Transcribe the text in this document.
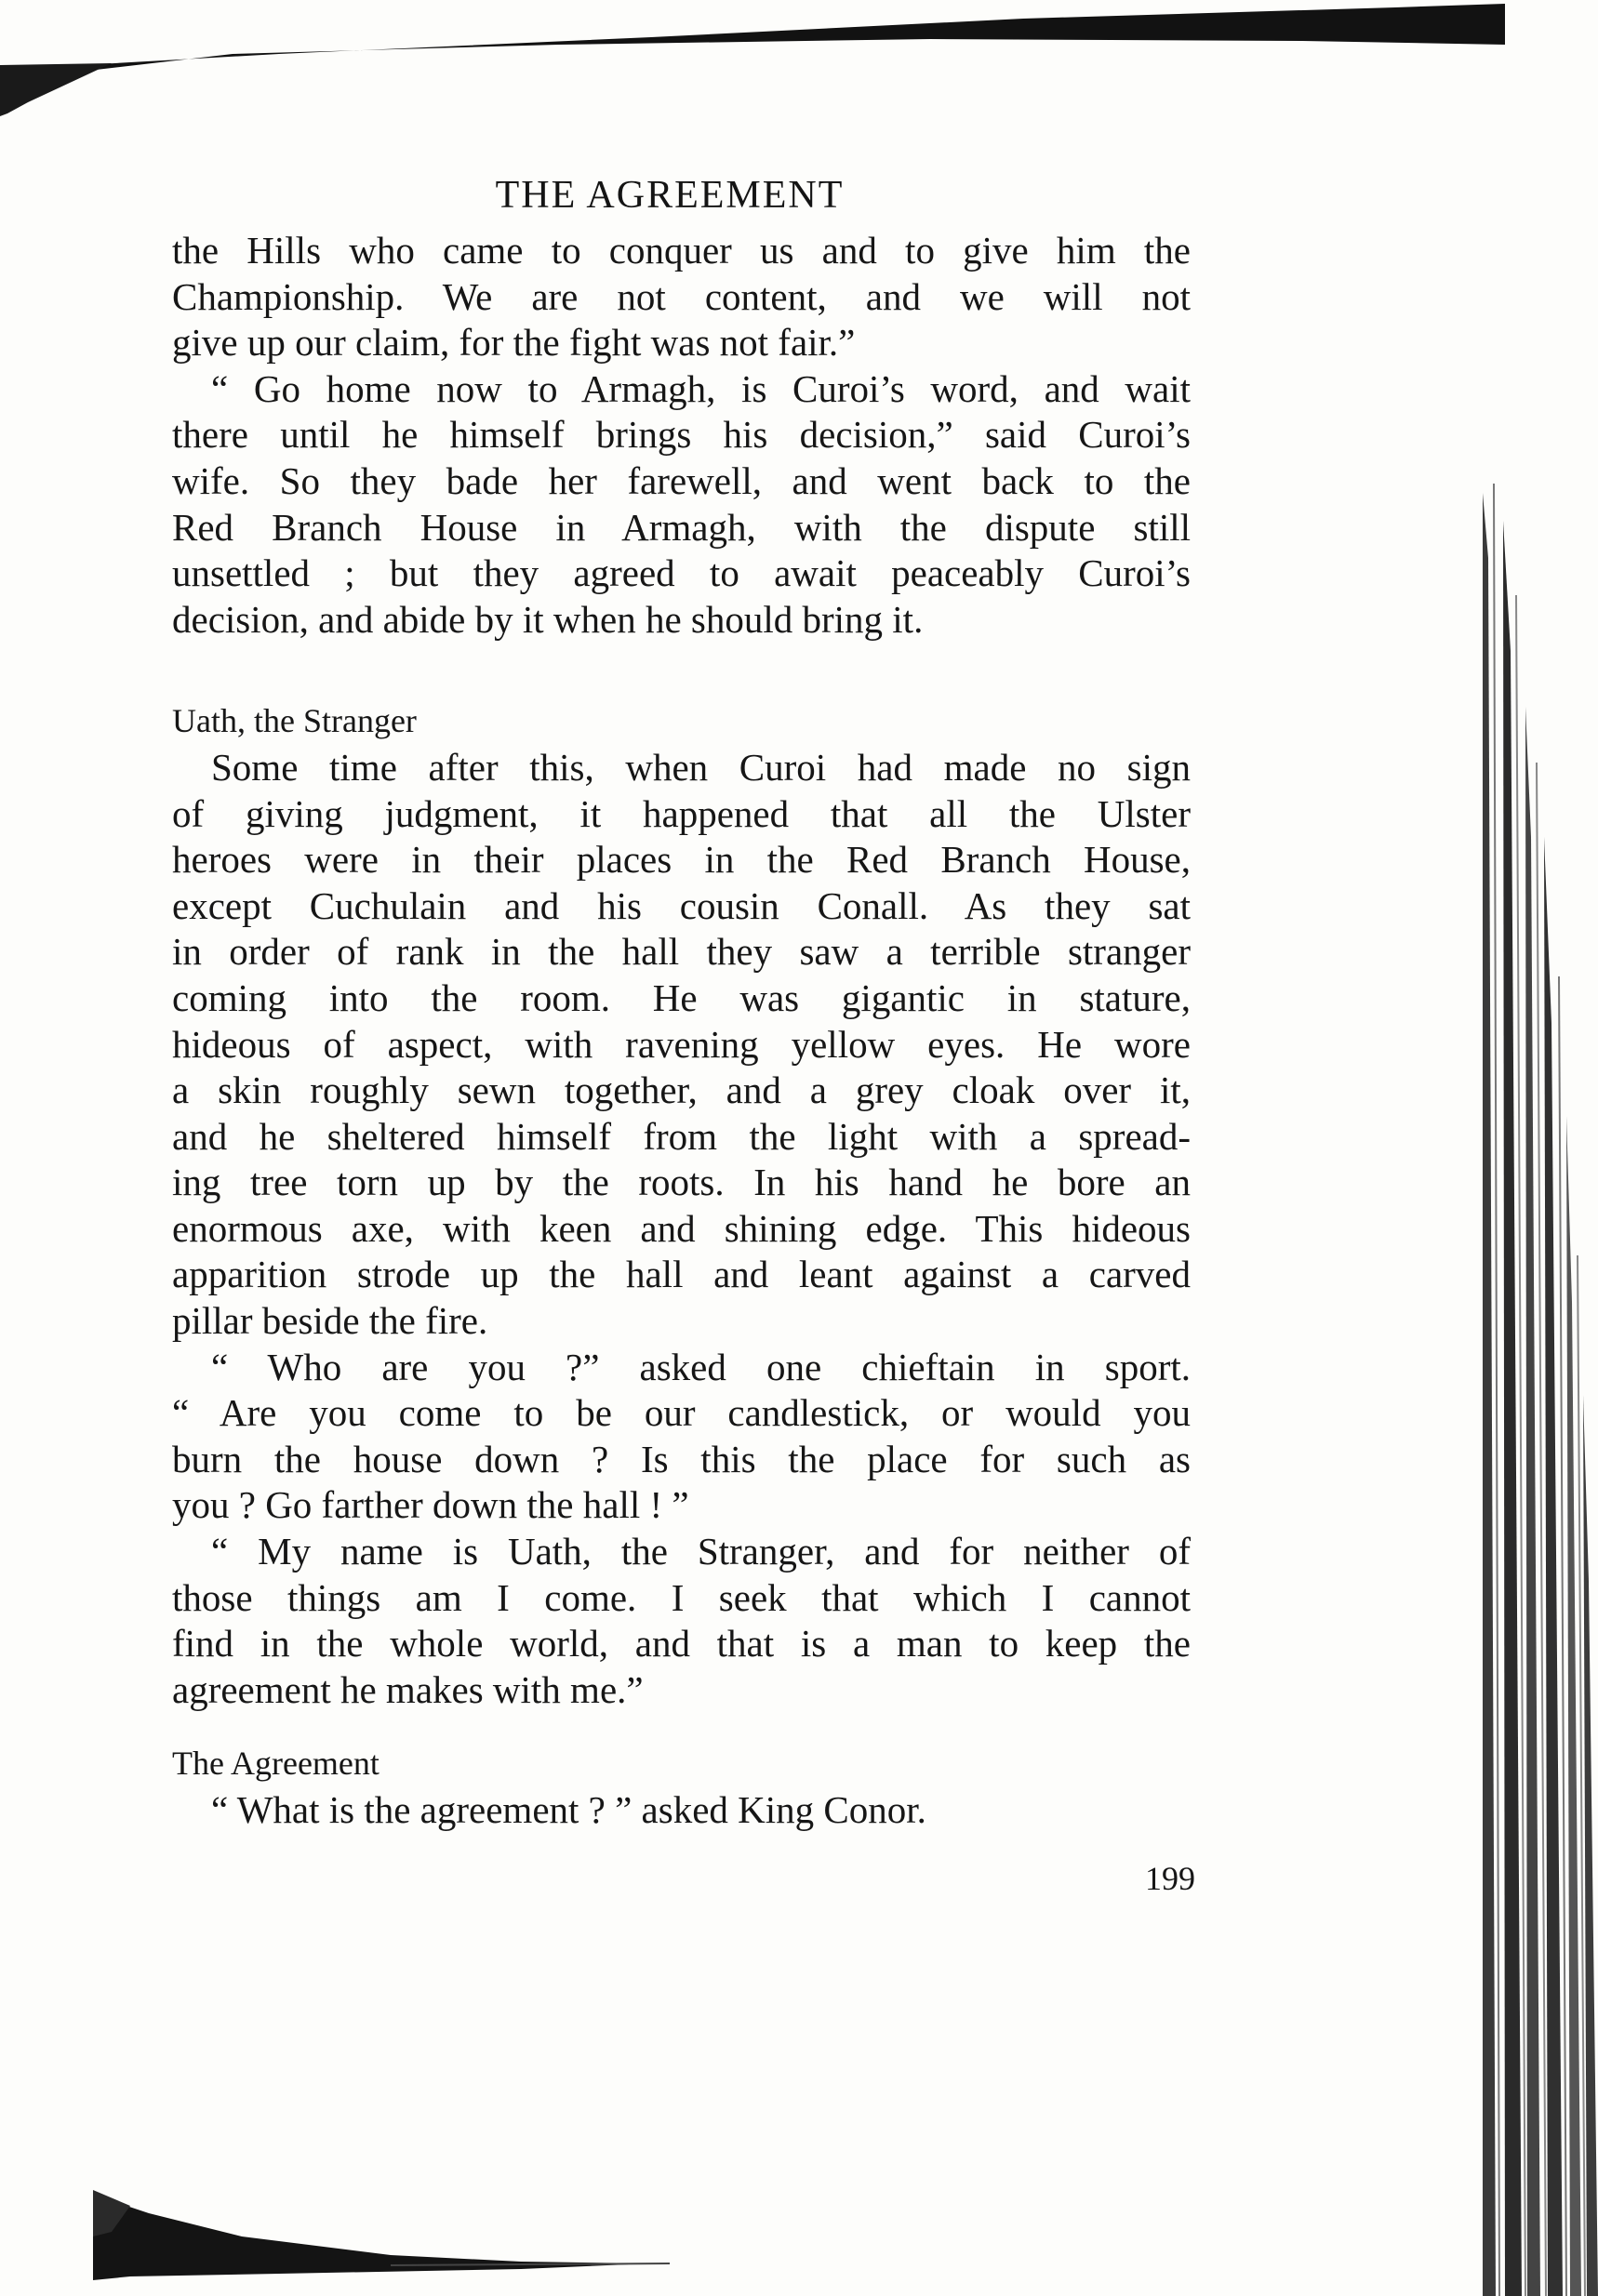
THE AGREEMENT
the Hills who came to conquer us and to give him the
Championship. We are not content, and we will not
give up our claim, for the fight was not fair.”
“ Go home now to Armagh, is Curoi’s word, and wait
there until he himself brings his decision,” said Curoi’s
wife. So they bade her farewell, and went back to the
Red Branch House in Armagh, with the dispute still
unsettled ; but they agreed to await peaceably Curoi’s
decision, and abide by it when he should bring it.
Uath, the Stranger
Some time after this, when Curoi had made no sign
of giving judgment, it happened that all the Ulster
heroes were in their places in the Red Branch House,
except Cuchulain and his cousin Conall. As they sat
in order of rank in the hall they saw a terrible stranger
coming into the room. He was gigantic in stature,
hideous of aspect, with ravening yellow eyes. He wore
a skin roughly sewn together, and a grey cloak over it,
and he sheltered himself from the light with a spread-
ing tree torn up by the roots. In his hand he bore an
enormous axe, with keen and shining edge. This hideous
apparition strode up the hall and leant against a carved
pillar beside the fire.
“ Who are you ?” asked one chieftain in sport.
“ Are you come to be our candlestick, or would you
burn the house down ? Is this the place for such as
you ? Go farther down the hall ! ”
“ My name is Uath, the Stranger, and for neither of
those things am I come. I seek that which I cannot
find in the whole world, and that is a man to keep the
agreement he makes with me.”
The Agreement
“ What is the agreement ? ” asked King Conor.
199
